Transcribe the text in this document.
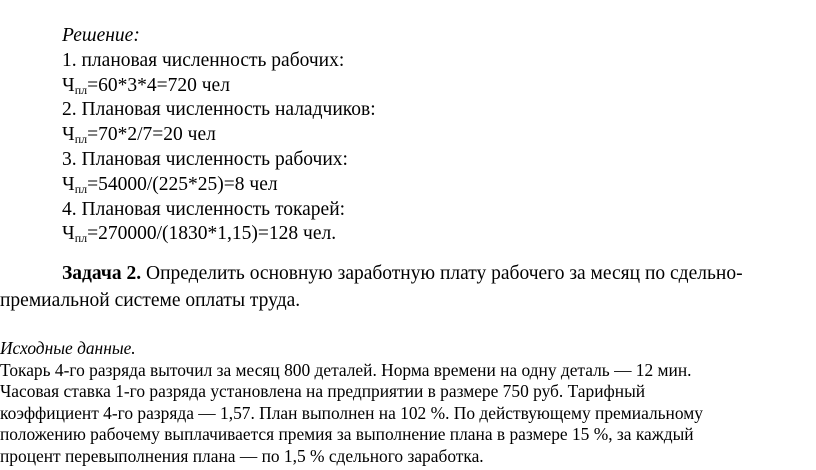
Решение:
1. плановая численность рабочих:
$Ч_{пл}=60*3*4=720$ чел
2. Плановая численность наладчиков:
$Ч_{пл}=70*2/7=20$ чел
3. Плановая численность рабочих:
$Ч_{пл}=54000/(225*25)=8$ чел
4. Плановая численность токарей:
$Ч_{пл}=270000/(1830*1,15)=128$ чел.
Задача 2. Определить основную заработную плату рабочего за месяц по сдельно-
премиальной системе оплаты труда.
Исходные данные.
Токарь 4-го разряда выточил за месяц 800 деталей. Норма времени на одну деталь — 12 мин.
Часовая ставка 1-го разряда установлена на предприятии в размере 750 руб. Тарифный
коэффициент 4-го разряда — 1,57. План выполнен на 102 %. По действующему премиальному
положению рабочему выплачивается премия за выполнение плана в размере 15 %, за каждый
процент перевыполнения плана — по 1,5 % сдельного заработка.
